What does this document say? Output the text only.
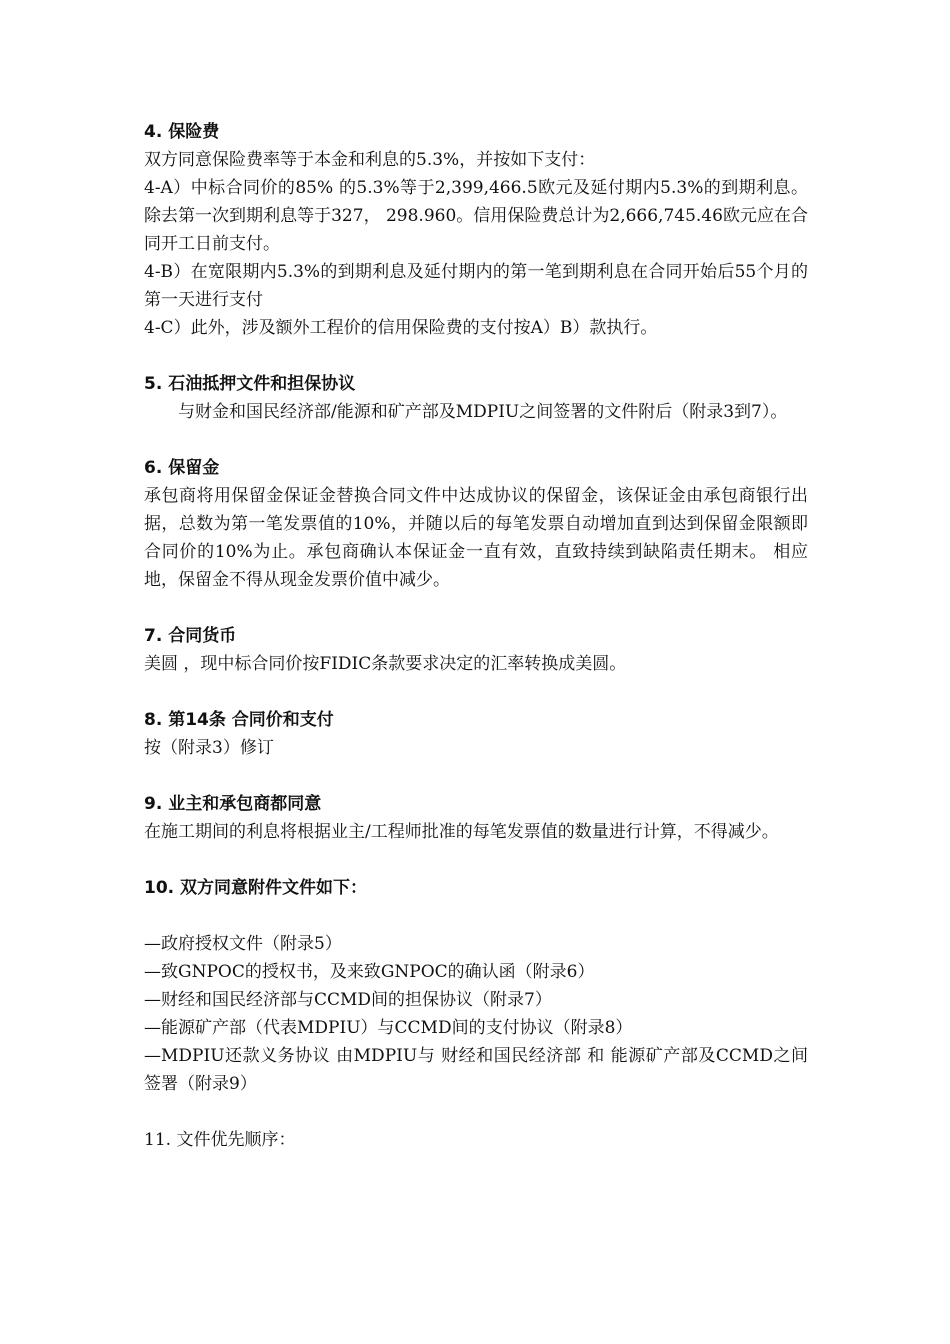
4. 保险费

双方同意保险费率等于本金和利息的5.3%，并按如下支付：

4-A）中标合同价的85% 的5.3%等于2,399,466.5欧元及延付期内5.3%的到期利息。除去第一次到期利息等于327， 298.960。信用保险费总计为2,666,745.46欧元应在合同开工日前支付。

4-B）在宽限期内5.3%的到期利息及延付期内的第一笔到期利息在合同开始后55个月的第一天进行支付

4-C）此外，涉及额外工程价的信用保险费的支付按A）B）款执行。

5. 石油抵押文件和担保协议

与财金和国民经济部/能源和矿产部及MDPIU之间签署的文件附后（附录3到7）。

6. 保留金

承包商将用保留金保证金替换合同文件中达成协议的保留金，该保证金由承包商银行出据，总数为第一笔发票值的10%，并随以后的每笔发票自动增加直到达到保留金限额即合同价的10%为止。承包商确认本保证金一直有效，直致持续到缺陷责任期末。 相应地，保留金不得从现金发票价值中减少。

7. 合同货币

美圆 ，现中标合同价按FIDIC条款要求决定的汇率转换成美圆。

8. 第14条 合同价和支付

按（附录3）修订

9. 业主和承包商都同意

在施工期间的利息将根据业主/工程师批准的每笔发票值的数量进行计算，不得减少。

10. 双方同意附件文件如下：

—政府授权文件（附录5）

—致GNPOC的授权书，及来致GNPOC的确认函（附录6）

—财经和国民经济部与CCMD间的担保协议（附录7）

—能源矿产部（代表MDPIU）与CCMD间的支付协议（附录8）

—MDPIU还款义务协议 由MDPIU与 财经和国民经济部 和 能源矿产部及CCMD之间签署（附录9）

11. 文件优先顺序：
